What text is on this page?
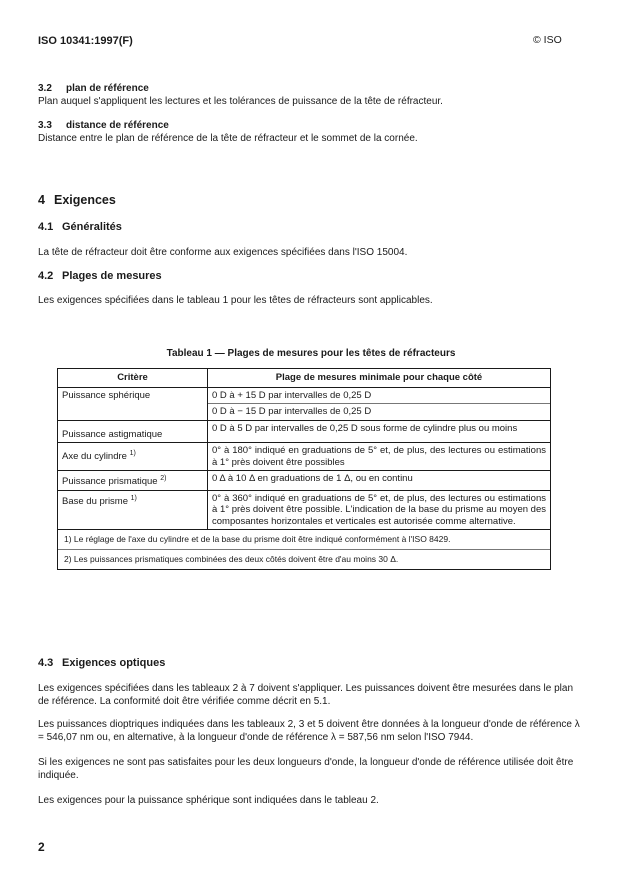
ISO 10341:1997(F)	© ISO
3.2 plan de référence
Plan auquel s'appliquent les lectures et les tolérances de puissance de la tête de réfracteur.
3.3 distance de référence
Distance entre le plan de référence de la tête de réfracteur et le sommet de la cornée.
4 Exigences
4.1 Généralités
La tête de réfracteur doit être conforme aux exigences spécifiées dans l'ISO 15004.
4.2 Plages de mesures
Les exigences spécifiées dans le tableau 1 pour les têtes de réfracteurs sont applicables.
Tableau 1 — Plages de mesures pour les têtes de réfracteurs
Critère	Plage de mesures minimale pour chaque côté
Puissance sphérique	0 D à + 15 D par intervalles de 0,25 D
0 D à − 15 D par intervalles de 0,25 D

Puissance astigmatique	0 D à 5 D par intervalles de 0,25 D sous forme de cylindre plus ou moins
Axe du cylindre $^{1)}$	0° à 180° indiqué en graduations de 5° et, de plus, des lectures ou estimations à 1° près doivent être possibles
Puissance prismatique $^{2)}$	0 Δ à 10 Δ en graduations de 1 Δ, ou en continu
Base du prisme $^{1)}$	0° à 360° indiqué en graduations de 5° et, de plus, des lectures ou estimations à 1° près doivent être possible. L'indication de la base du prisme au moyen des composantes horizontales et verticales est autorisée comme alternative.

1) Le réglage de l'axe du cylindre et de la base du prisme doit être indiqué conformément à l'ISO 8429.
2) Les puissances prismatiques combinées des deux côtés doivent être d'au moins 30 Δ.	
4.3 Exigences optiques
Les exigences spécifiées dans les tableaux 2 à 7 doivent s'appliquer. Les puissances doivent être mesurées dans le plan de référence. La conformité doit être vérifiée comme décrit en 5.1.
Les puissances dioptriques indiquées dans les tableaux 2, 3 et 5 doivent être données à la longueur d'onde de référence λ = 546,07 nm ou, en alternative, à la longueur d'onde de référence λ = 587,56 nm selon l'ISO 7944.
Si les exigences ne sont pas satisfaites pour les deux longueurs d'onde, la longueur d'onde de référence utilisée doit être indiquée.
Les exigences pour la puissance sphérique sont indiquées dans le tableau 2.
2
